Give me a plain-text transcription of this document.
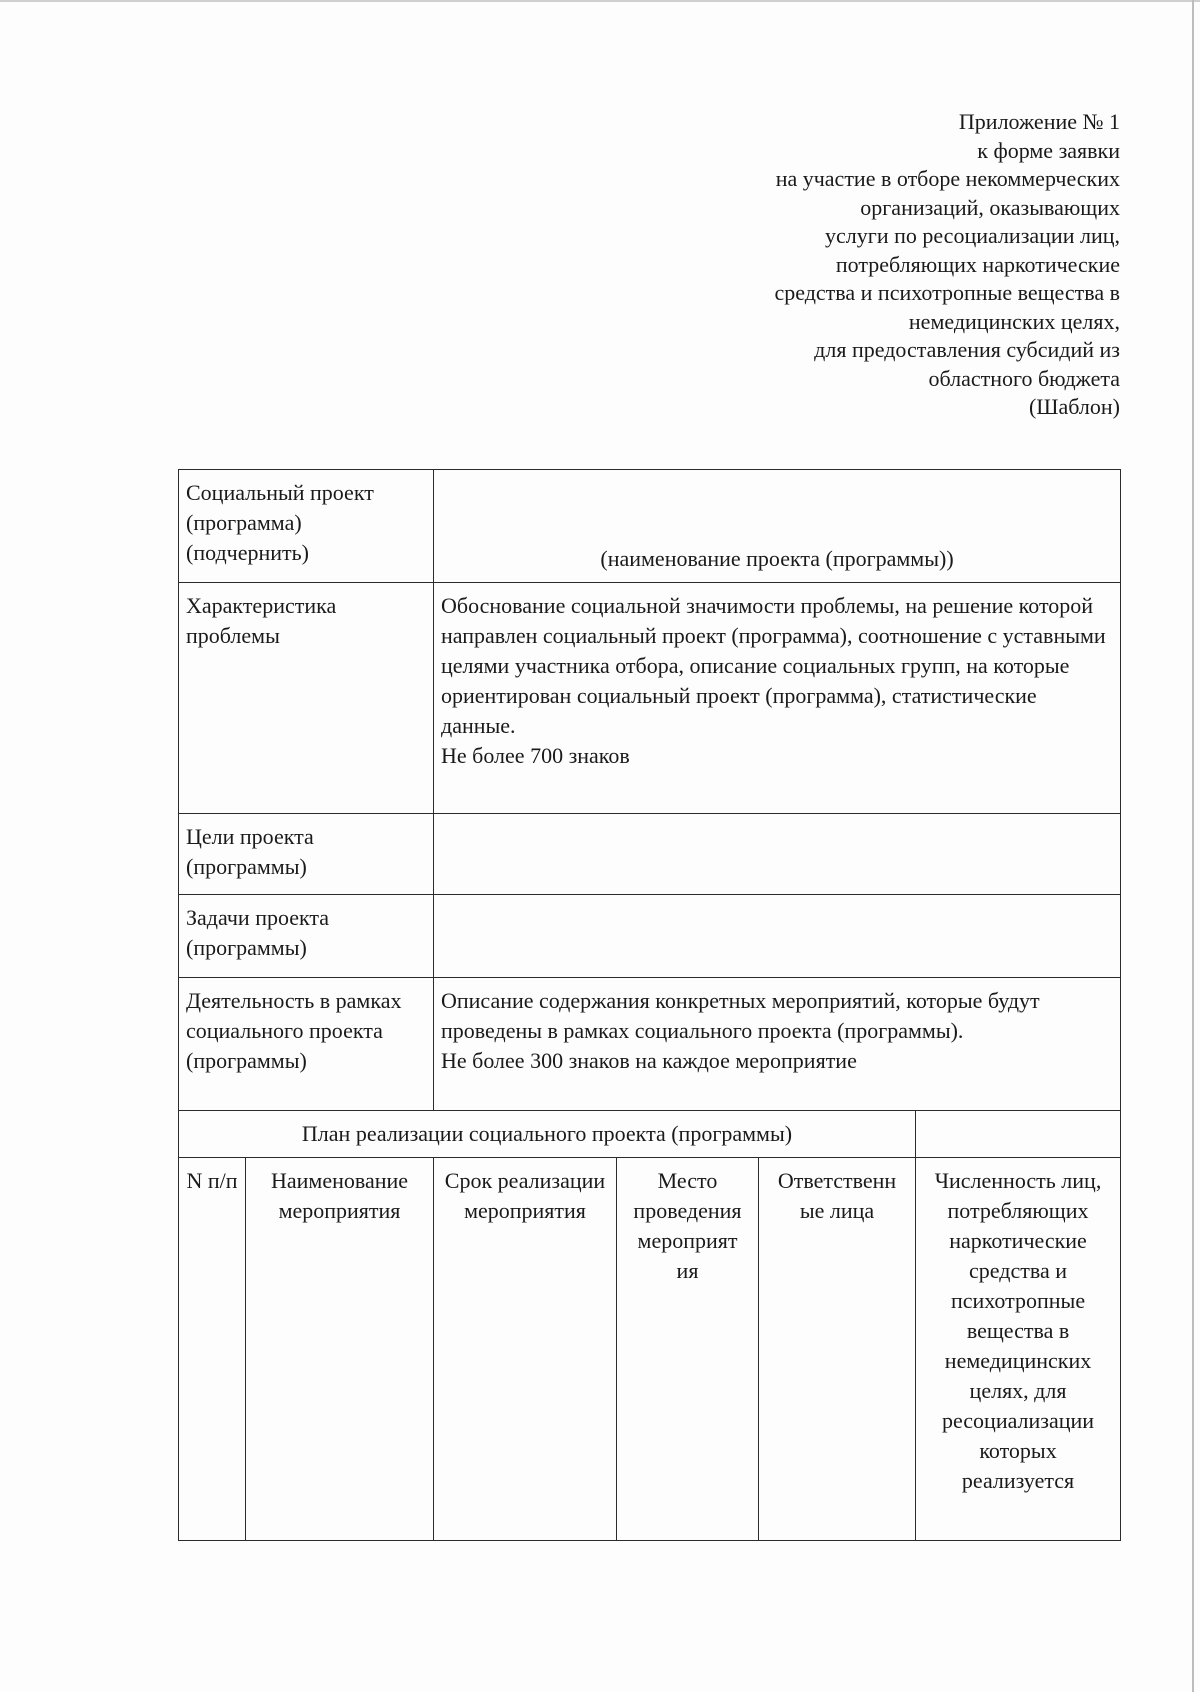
Приложение № 1
к форме заявки
на участие в отборе некоммерческих
организаций, оказывающих
услуги по ресоциализации лиц,
потребляющих наркотические
средства и психотропные вещества в
немедицинских целях,
для предоставления субсидий из
областного бюджета
(Шаблон)
Социальный проект (программа) (подчернить)		(наименование проекта (программы))			

Характеристика проблемы		Обоснование социальной значимости проблемы, на решение которой направлен социальный проект (программа), соотношение с уставными целями участника отбора, описание социальных групп, на которые ориентирован социальный проект (программа), статистические данные.
Не более 700 знаков			

Цели проекта (программы)					
Задачи проекта (программы)					
Деятельность в рамках социального проекта (программы)		Описание содержания конкретных мероприятий, которые будут проведены в рамках социального проекта (программы).
Не более 300 знаков на каждое мероприятие			

План реализации социального проекта (программы)					
N п/п	Наименование мероприятия	Срок реализации мероприятия	Место проведения мероприят ия	Ответственн ые лица	Численность лиц, потребляющих наркотические средства и психотропные вещества в немедицинских целях, для ресоциализации которых реализуется
